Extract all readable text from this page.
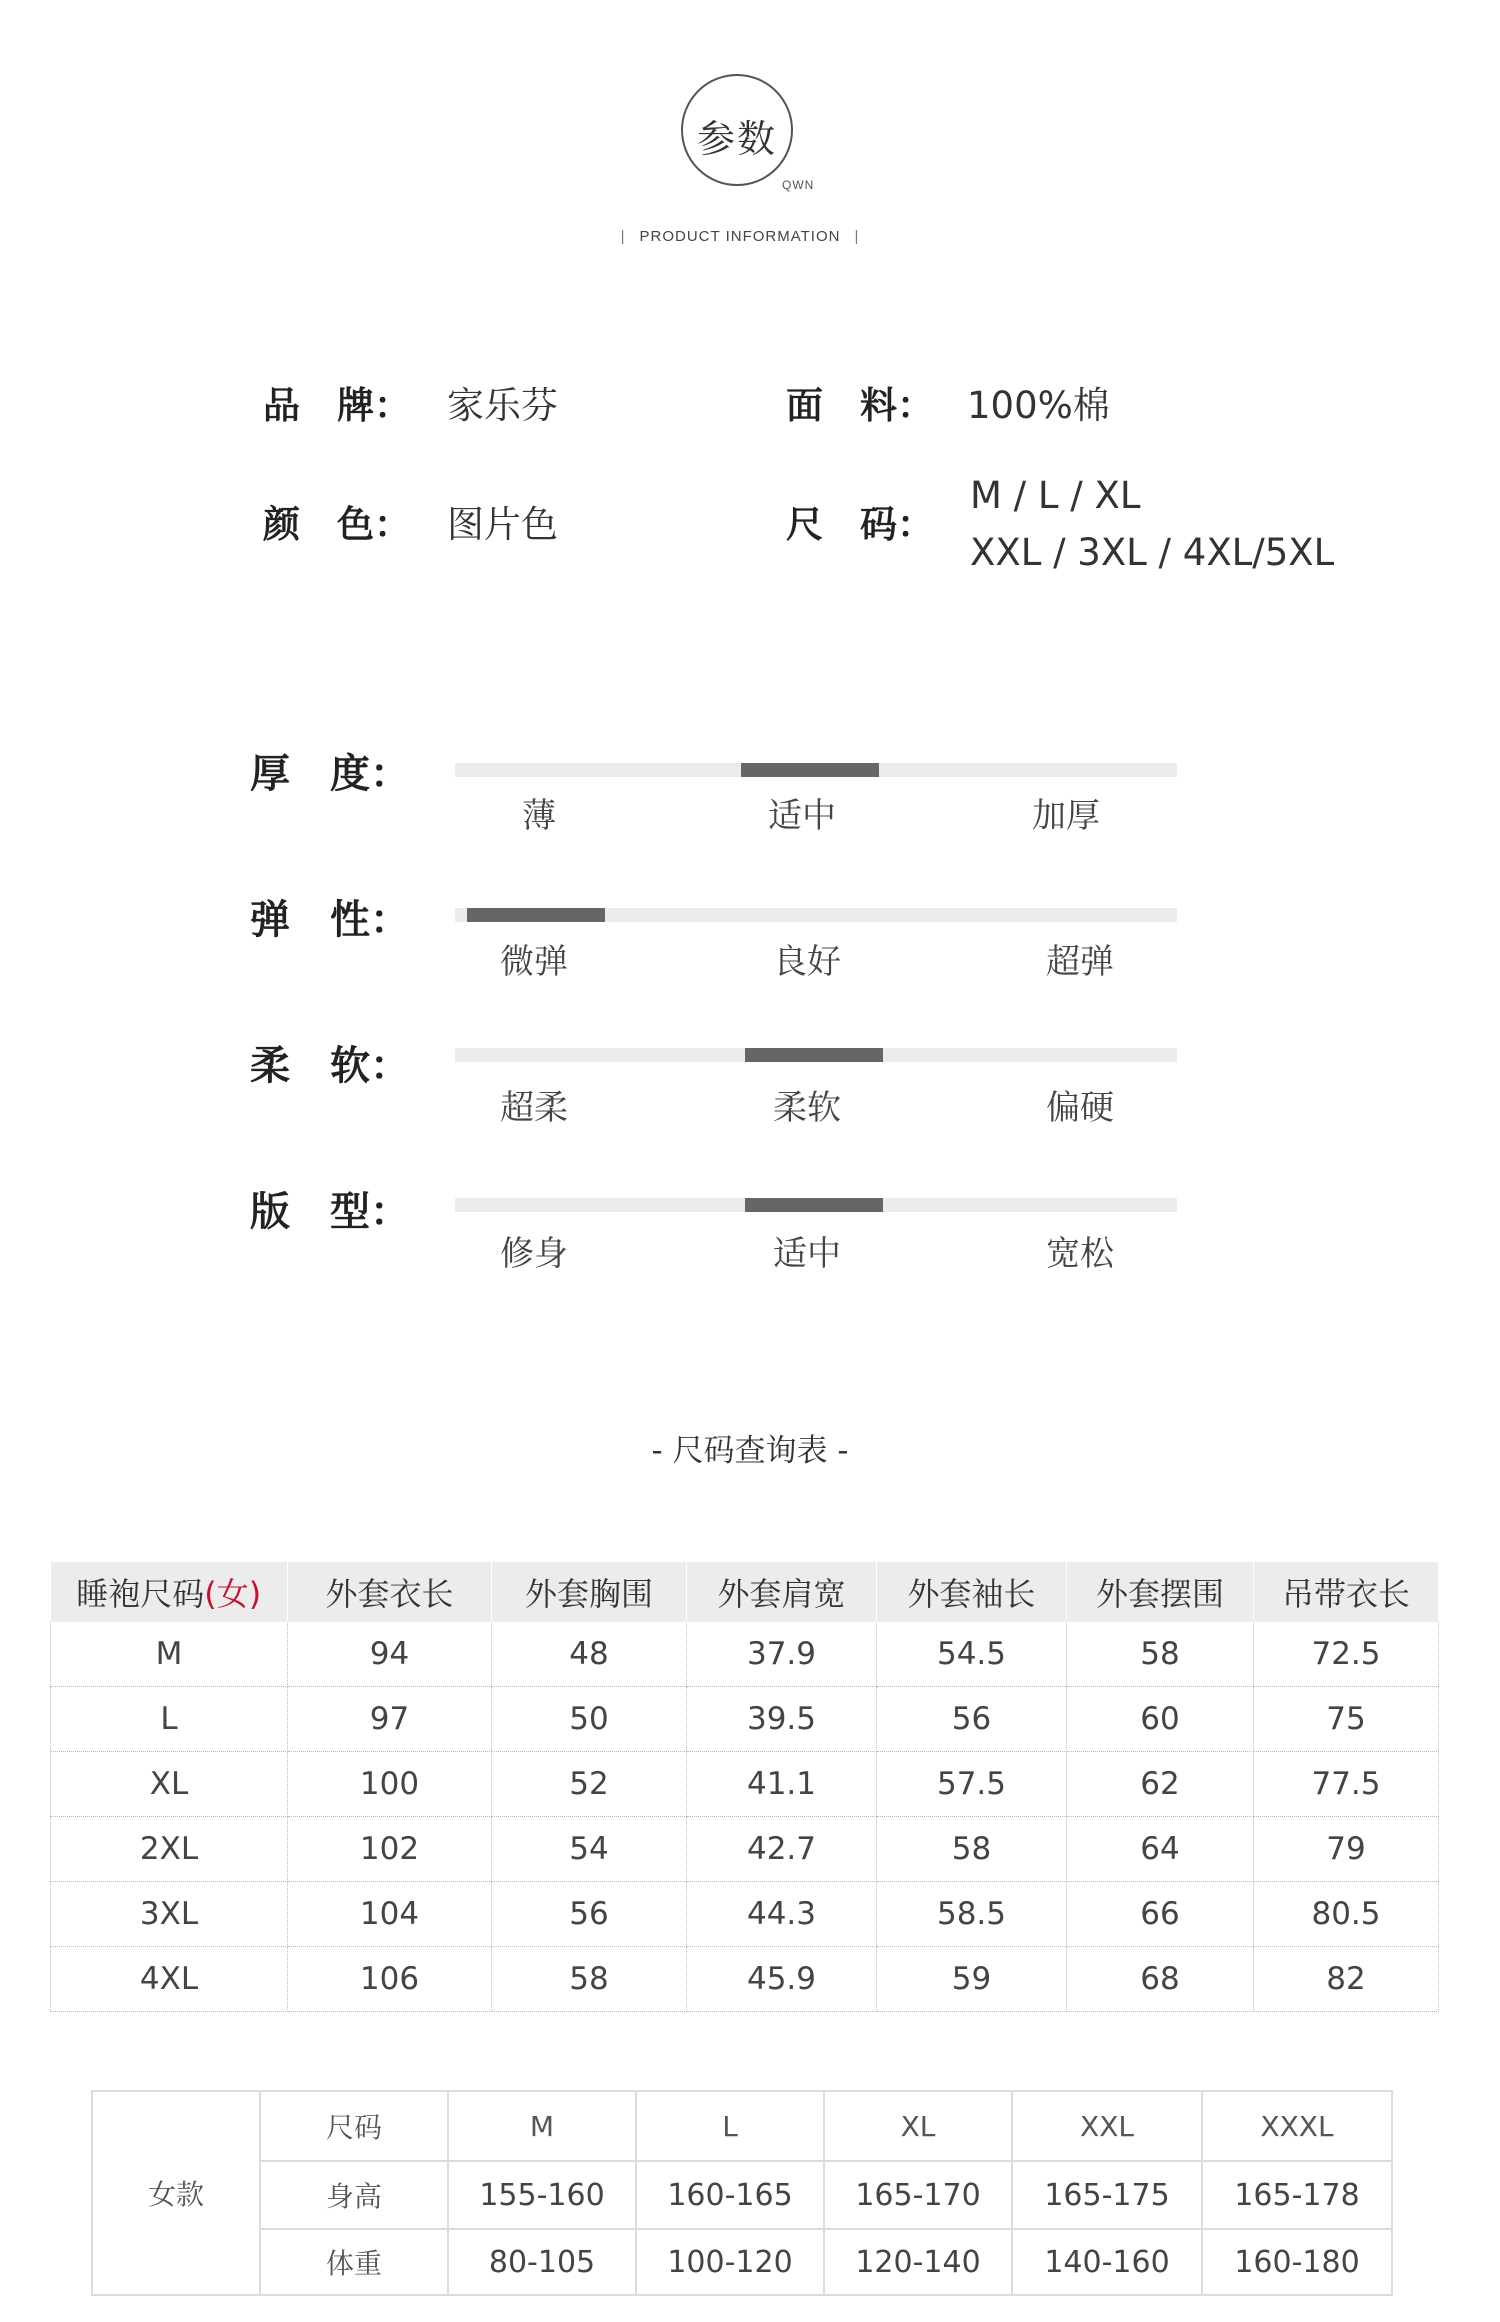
参数
QWN
| PRODUCT INFORMATION |
品　牌： 家乐芬	面　料： 100%棉
颜　色： 图片色	尺　码：
M / L / XL
XXL / 3XL / 4XL/5XL
厚　度：
薄	适中	加厚
弹　性：
微弹	良好	超弹
柔　软：
超柔	柔软	偏硬
版　型：
修身	适中	宽松
- 尺码查询表 -
睡袍尺码(女)	外套衣长	外套胸围	外套肩宽	外套袖长	外套摆围	吊带衣长
M	94	48	37.9	54.5	58	72.5
L	97	50	39.5	56	60	75
XL	100	52	41.1	57.5	62	77.5
2XL	102	54	42.7	58	64	79
3XL	104	56	44.3	58.5	66	80.5
4XL	106	58	45.9	59	68	82
女款	尺码	M	L	XL	XXL	XXXL
	身高	155-160	160-165	165-170	165-175	165-178
	体重	80-105	100-120	120-140	140-160	160-180
